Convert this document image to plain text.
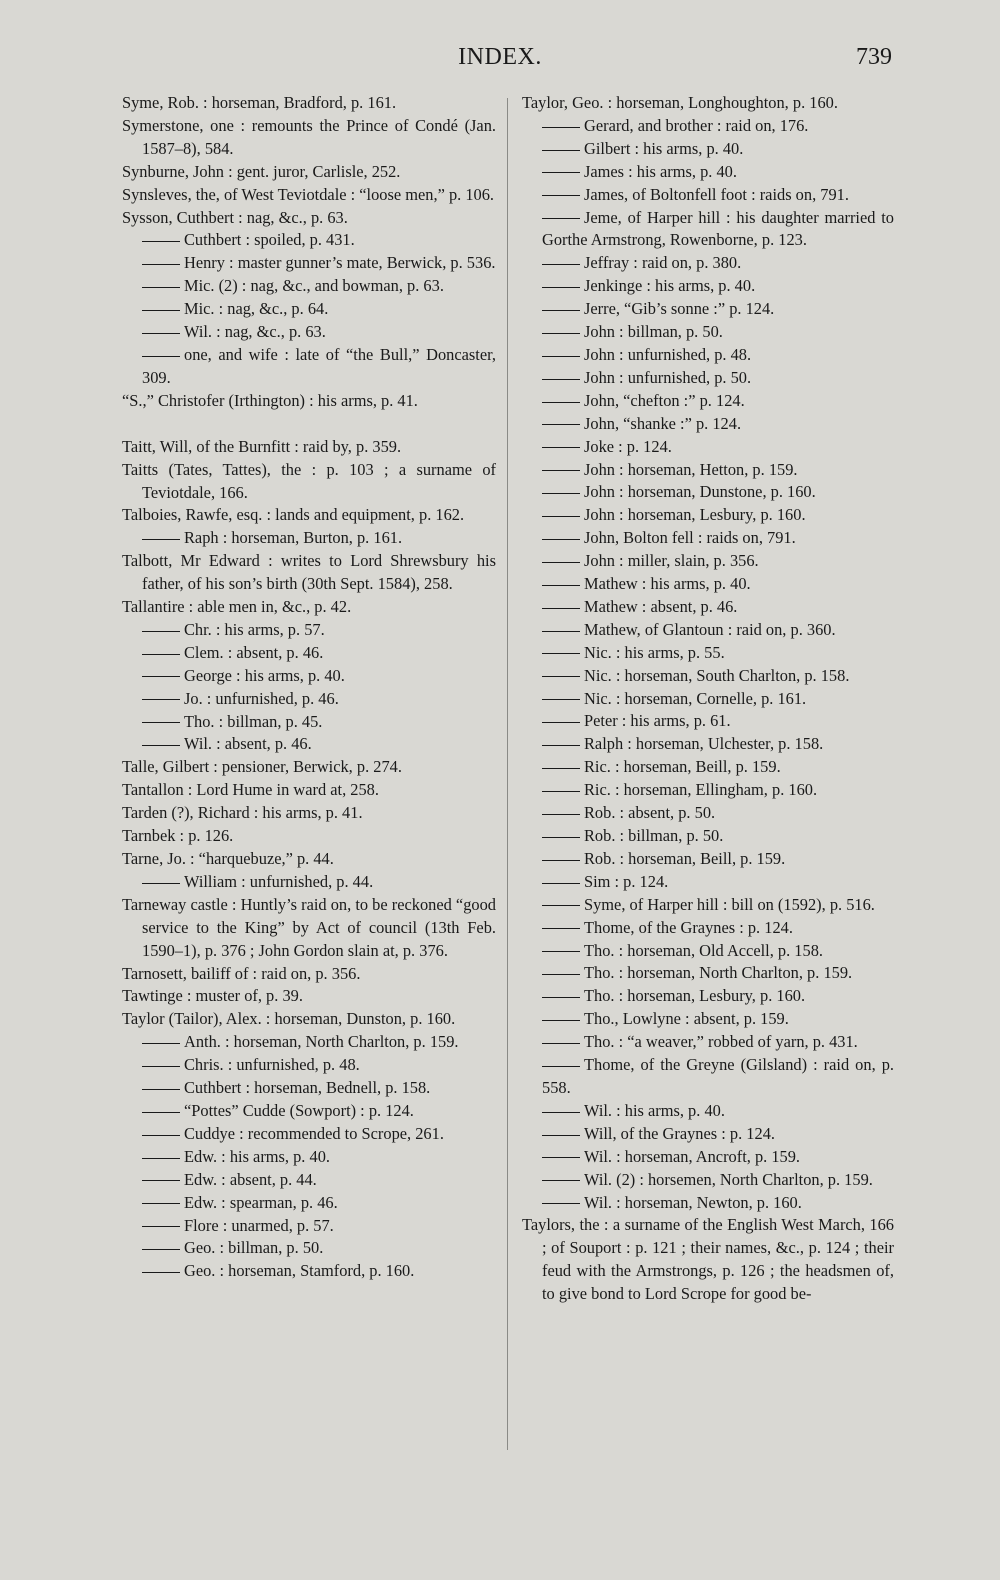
INDEX.	739

Syme, Rob. : horseman, Bradford, p. 161.

Symerstone, one : remounts the Prince of Condé (Jan. 1587–8), 584.

Synburne, John : gent. juror, Carlisle, 252.

Synsleves, the, of West Teviotdale : “loose men,” p. 106.

Sysson, Cuthbert : nag, &c., p. 63.

Cuthbert : spoiled, p. 431.

Henry : master gunner’s mate, Berwick, p. 536.

Mic. (2) : nag, &c., and bowman, p. 63.

Mic. : nag, &c., p. 64.

Wil. : nag, &c., p. 63.

one, and wife : late of “the Bull,” Doncaster, 309.

“S.,” Christofer (Irthington) : his arms, p. 41.

Taitt, Will, of the Burnfitt : raid by, p. 359.

Taitts (Tates, Tattes), the : p. 103 ; a surname of Teviotdale, 166.

Talboies, Rawfe, esq. : lands and equipment, p. 162.

Raph : horseman, Burton, p. 161.

Talbott, Mr Edward : writes to Lord Shrewsbury his father, of his son’s birth (30th Sept. 1584), 258.

Tallantire : able men in, &c., p. 42.

Chr. : his arms, p. 57.

Clem. : absent, p. 46.

George : his arms, p. 40.

Jo. : unfurnished, p. 46.

Tho. : billman, p. 45.

Wil. : absent, p. 46.

Talle, Gilbert : pensioner, Berwick, p. 274.

Tantallon : Lord Hume in ward at, 258.

Tarden (?), Richard : his arms, p. 41.

Tarnbek : p. 126.

Tarne, Jo. : “harquebuze,” p. 44.

William : unfurnished, p. 44.

Tarneway castle : Huntly’s raid on, to be reckoned “good service to the King” by Act of council (13th Feb. 1590–1), p. 376 ; John Gordon slain at, p. 376.

Tarnosett, bailiff of : raid on, p. 356.

Tawtinge : muster of, p. 39.

Taylor (Tailor), Alex. : horseman, Dunston, p. 160.

Anth. : horseman, North Charlton, p. 159.

Chris. : unfurnished, p. 48.

Cuthbert : horseman, Bednell, p. 158.

“Pottes” Cudde (Sowport) : p. 124.

Cuddye : recommended to Scrope, 261.

Edw. : his arms, p. 40.

Edw. : absent, p. 44.

Edw. : spearman, p. 46.

Flore : unarmed, p. 57.

Geo. : billman, p. 50.

Geo. : horseman, Stamford, p. 160.

Taylor, Geo. : horseman, Longhoughton, p. 160.

Gerard, and brother : raid on, 176.

Gilbert : his arms, p. 40.

James : his arms, p. 40.

James, of Boltonfell foot : raids on, 791.

Jeme, of Harper hill : his daughter married to Gorthe Armstrong, Rowenborne, p. 123.

Jeffray : raid on, p. 380.

Jenkinge : his arms, p. 40.

Jerre, “Gib’s sonne :” p. 124.

John : billman, p. 50.

John : unfurnished, p. 48.

John : unfurnished, p. 50.

John, “chefton :” p. 124.

John, “shanke :” p. 124.

Joke : p. 124.

John : horseman, Hetton, p. 159.

John : horseman, Dunstone, p. 160.

John : horseman, Lesbury, p. 160.

John, Bolton fell : raids on, 791.

John : miller, slain, p. 356.

Mathew : his arms, p. 40.

Mathew : absent, p. 46.

Mathew, of Glantoun : raid on, p. 360.

Nic. : his arms, p. 55.

Nic. : horseman, South Charlton, p. 158.

Nic. : horseman, Cornelle, p. 161.

Peter : his arms, p. 61.

Ralph : horseman, Ulchester, p. 158.

Ric. : horseman, Beill, p. 159.

Ric. : horseman, Ellingham, p. 160.

Rob. : absent, p. 50.

Rob. : billman, p. 50.

Rob. : horseman, Beill, p. 159.

Sim : p. 124.

Syme, of Harper hill : bill on (1592), p. 516.

Thome, of the Graynes : p. 124.

Tho. : horseman, Old Accell, p. 158.

Tho. : horseman, North Charlton, p. 159.

Tho. : horseman, Lesbury, p. 160.

Tho., Lowlyne : absent, p. 159.

Tho. : “a weaver,” robbed of yarn, p. 431.

Thome, of the Greyne (Gilsland) : raid on, p. 558.

Wil. : his arms, p. 40.

Will, of the Graynes : p. 124.

Wil. : horseman, Ancroft, p. 159.

Wil. (2) : horsemen, North Charlton, p. 159.

Wil. : horseman, Newton, p. 160.

Taylors, the : a surname of the English West March, 166 ; of Souport : p. 121 ; their names, &c., p. 124 ; their feud with the Armstrongs, p. 126 ; the headsmen of, to give bond to Lord Scrope for good be-
